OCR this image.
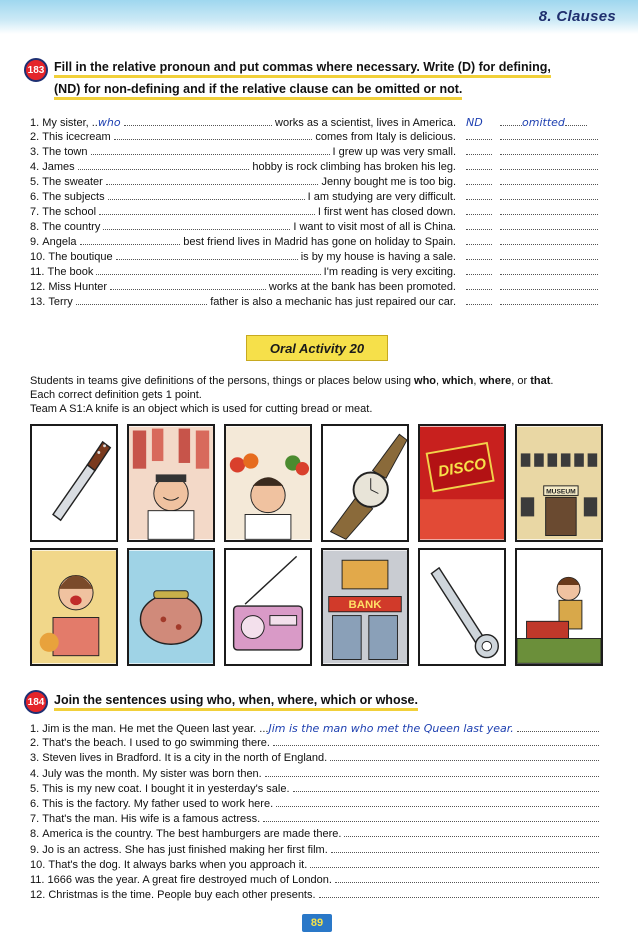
8. Clauses
183 Fill in the relative pronoun and put commas where necessary. Write (D) for defining,
(ND) for non-defining and if the relative clause can be omitted or not.
1.
My sister, .. who	works as a scientist, lives in America. ND	omitted
2.
This icecream	comes from Italy is delicious.
3.
The town	I grew up was very small.
4.
James	hobby is rock climbing has broken his leg.
5.
The sweater	Jenny bought me is too big.
6.
The subjects	I am studying are very difficult.
7.
The school	I first went has closed down.
8.
The country	I want to visit most of all is China.
9.
Angela	best friend lives in Madrid has gone on holiday to Spain.
10.
The boutique	is by my house is having a sale.
11.
The book	I'm reading is very exciting.
12.
Miss Hunter	works at the bank has been promoted.
13.
Terry	father is also a mechanic has just repaired our car.
Oral Activity 20
Students in teams give definitions of the persons, things or places below using who, which, where, or that.
Each correct definition gets 1 point.
Team A S1:A knife is an object which is used for cutting bread or meat.
DISCO
MUSEUM
BANK
184 Join the sentences using who, when, where, which or whose.
1.
Jim is the man. He met the Queen last year. ... Jim is the man who met the Queen last year.
2.
That's the beach. I used to go swimming there.
3.
Steven lives in Bradford. It is a city in the north of England.
4.
July was the month. My sister was born then.
5.
This is my new coat. I bought it in yesterday's sale.
6.
This is the factory. My father used to work here.
7.
That's the man. His wife is a famous actress.
8.
America is the country. The best hamburgers are made there.
9.
Jo is an actress. She has just finished making her first film.
10.
That's the dog. It always barks when you approach it.
11.
1666 was the year. A great fire destroyed much of London.
12.
Christmas is the time. People buy each other presents.
89
